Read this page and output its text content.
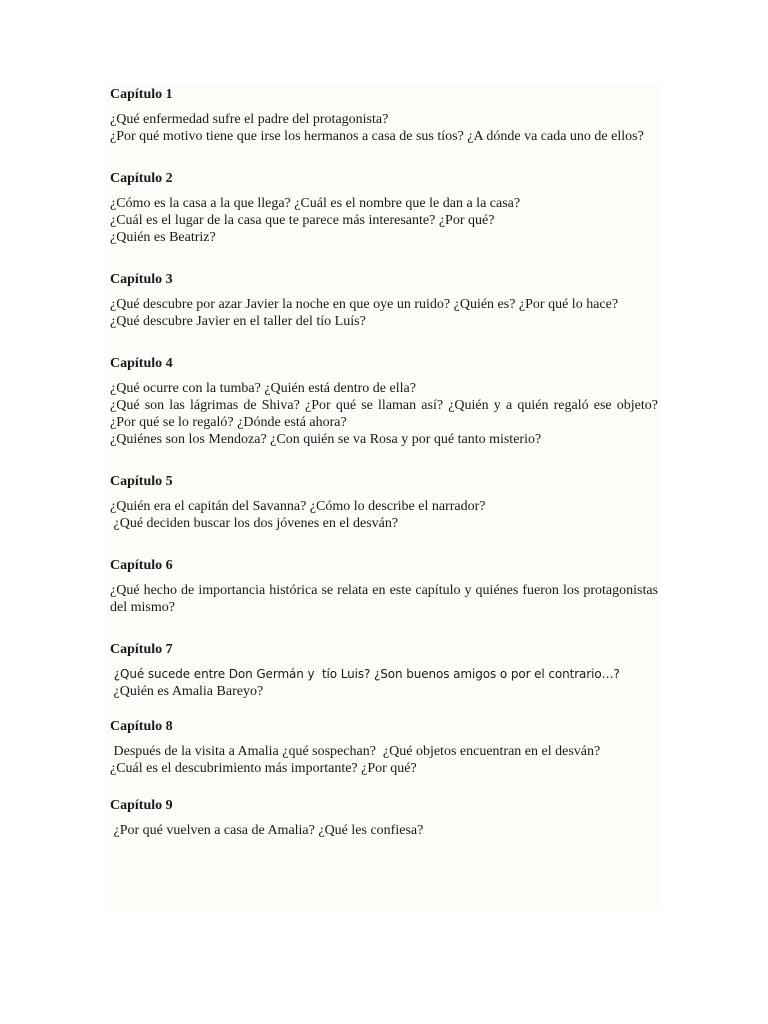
Capítulo 1
¿Qué enfermedad sufre el padre del protagonista?
¿Por qué motivo tiene que irse los hermanos a casa de sus tíos? ¿A dónde va cada uno de ellos?
Capítulo 2
¿Cómo es la casa a la que llega? ¿Cuál es el nombre que le dan a la casa?
¿Cuál es el lugar de la casa que te parece más interesante? ¿Por qué?
¿Quién es Beatriz?
Capítulo 3
¿Qué descubre por azar Javier la noche en que oye un ruido? ¿Quién es? ¿Por qué lo hace?
¿Qué descubre Javier en el taller del tío Luís?
Capítulo 4
¿Qué ocurre con la tumba? ¿Quién está dentro de ella?
¿Qué son las lágrimas de Shiva? ¿Por qué se llaman así? ¿Quién y a quién regaló ese objeto? ¿Por qué se lo regaló? ¿Dónde está ahora?
¿Quiénes son los Mendoza? ¿Con quién se va Rosa y por qué tanto misterio?
Capítulo 5
¿Quién era el capitán del Savanna? ¿Cómo lo describe el narrador?
¿Qué deciden buscar los dos jóvenes en el desván?
Capítulo 6
¿Qué hecho de importancia histórica se relata en este capítulo y quiénes fueron los protagonistas del mismo?
Capítulo 7
¿Qué sucede entre Don Germán y  tío Luis? ¿Son buenos amigos o por el contrario…?
¿Quién es Amalia Bareyo?
Capítulo 8
Después de la visita a Amalia ¿qué sospechan?  ¿Qué objetos encuentran en el desván?
¿Cuál es el descubrimiento más importante? ¿Por qué?
Capítulo 9
¿Por qué vuelven a casa de Amalia? ¿Qué les confiesa?
